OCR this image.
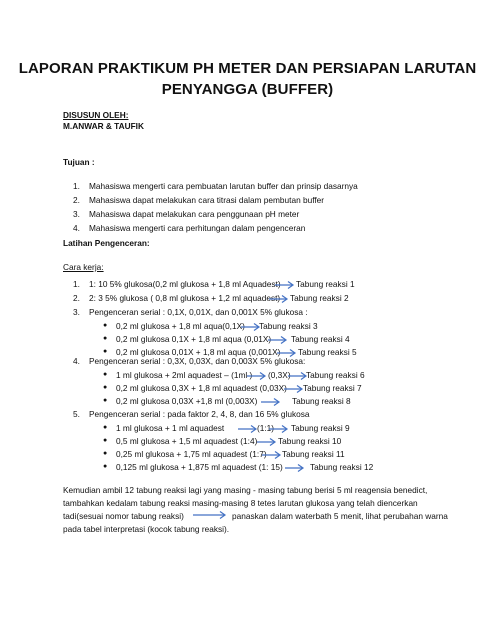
LAPORAN PRAKTIKUM PH METER DAN PERSIAPAN LARUTAN
PENYANGGA (BUFFER)
DISUSUN OLEH:
M.ANWAR & TAUFIK
Tujuan :
1. Mahasiswa mengerti cara pembuatan larutan buffer dan prinsip dasarnya
2. Mahasiswa dapat melakukan cara titrasi dalam pembutan buffer
3. Mahasiswa dapat melakukan cara penggunaan pH meter
4. Mahasiswa mengerti cara perhitungan dalam pengenceran
Latihan Pengenceran:
Cara kerja:
1. 1: 10 5% glukosa(0,2 ml glukosa + 1,8 ml Aquadest) Tabung reaksi 1
2. 2: 3 5% glukosa ( 0,8 ml glukosa + 1,2 ml aquadest) Tabung reaksi 2
3. Pengenceran serial : 0,1X, 0,01X, dan 0,001X 5% glukosa :
● 0,2 ml glukosa + 1,8 ml aqua(0,1X) Tabung reaksi 3
● 0,2 ml glukosa 0,1X + 1,8 ml aqua (0,01X) Tabung reaksi 4
● 0,2 ml glukosa 0,01X + 1,8 ml aqua (0,001X) Tabung reaksi 5
4. Pengenceran serial : 0,3X, 0,03X, dan 0,003X 5% glukosa:
● 1 ml glukosa + 2ml aquadest – (1ml ) (0,3X) Tabung reaksi 6
● 0,2 ml glukosa 0,3X + 1,8 ml aquadest (0,03X) Tabung reaksi 7
● 0,2 ml glukosa 0,03X +1,8 ml (0,003X)	Tabung reaksi 8
5. Pengenceran serial : pada faktor 2, 4, 8, dan 16 5% glukosa
● 1 ml glukosa + 1 ml aquadest	(1:1) Tabung reaksi 9
● 0,5 ml glukosa + 1,5 ml aquadest (1:4) Tabung reaksi 10
● 0,25 ml glukosa + 1,75 ml aquadest (1:7) Tabung reaksi 11
● 0,125 ml glukosa + 1,875 ml aquadest (1: 15)	Tabung reaksi 12
Kemudian ambil 12 tabung reaksi lagi yang masing - masing tabung berisi 5 ml reagensia benedict,
tambahkan kedalam tabung reaksi masing-masing 8 tetes larutan glukosa yang telah diencerkan
tadi(sesuai nomor tabung reaksi)	panaskan dalam waterbath 5 menit, lihat perubahan warna
pada tabel interpretasi (kocok tabung reaksi).
